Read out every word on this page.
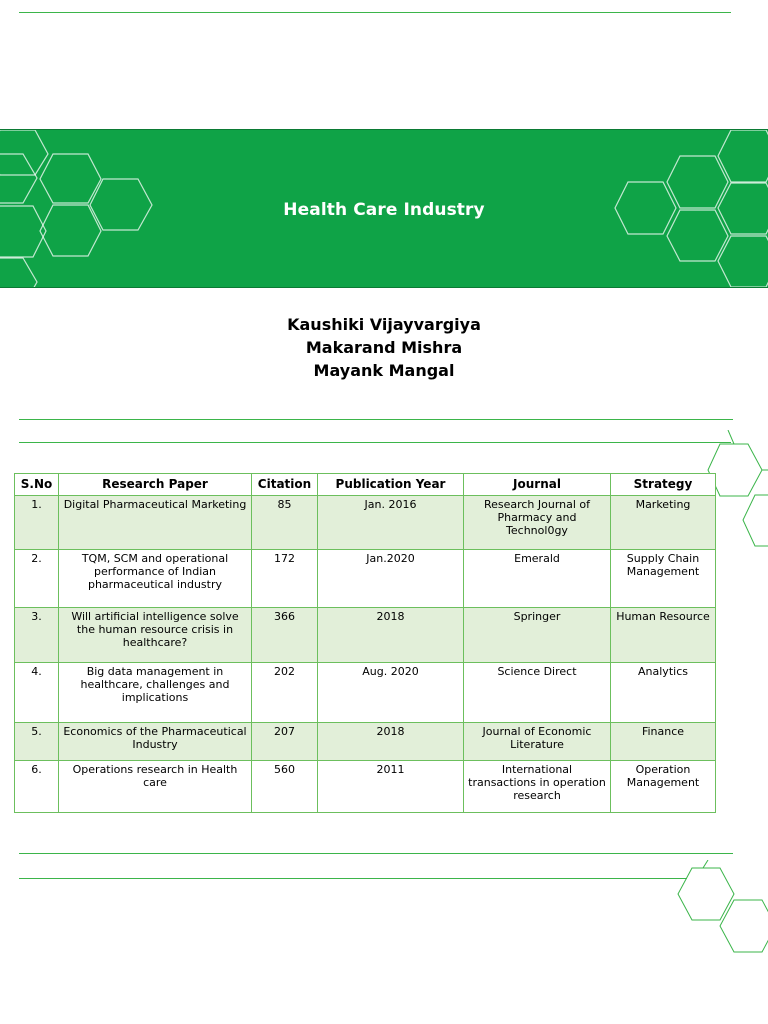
Health Care Industry
Kaushiki Vijayvargiya
Makarand Mishra
Mayank Mangal
S.No	Research Paper	Citation	Publication Year	Journal	Strategy
1.	Digital Pharmaceutical Marketing	85	Jan. 2016	Research Journal of Pharmacy and Technol0gy	Marketing
2.	TQM, SCM and operational performance of Indian pharmaceutical industry	172	Jan.2020	Emerald	Supply Chain Management
3.	Will artificial intelligence solve the human resource crisis in healthcare?	366	2018	Springer	Human Resource
4.	Big data management in healthcare, challenges and implications	202	Aug. 2020	Science Direct	Analytics
5.	Economics of the Pharmaceutical Industry	207	2018	Journal of Economic Literature	Finance
6.	Operations research in Health care	560	2011	International transactions in operation research	Operation Management
